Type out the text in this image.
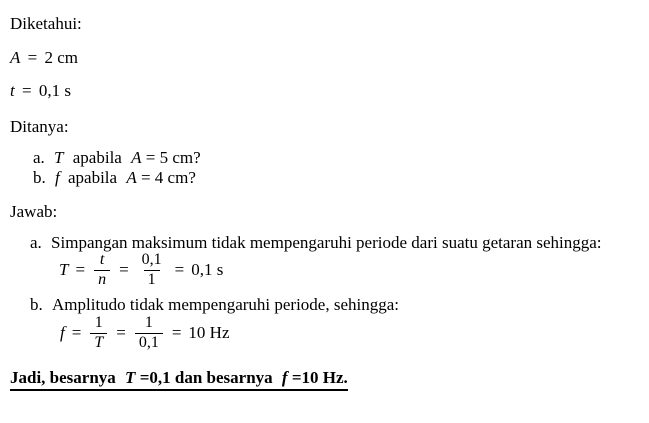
Diketahui:
A = 2 cm
t = 0,1 s
Ditanya:
a. T apabila A = 5 cm?
b. f apabila A = 4 cm?
Jawab:
a. Simpangan maksimum tidak mempengaruhi periode dari suatu getaran sehingga:
$T = \frac{t}{n} = \frac{0,1}{1} = 0,1$ s
b. Amplitudo tidak mempengaruhi periode, sehingga:
$f = \frac{1}{T} = \frac{1}{0,1} = 10$ Hz
Jadi, besarnya T =0,1 dan besarnya f =10 Hz.
